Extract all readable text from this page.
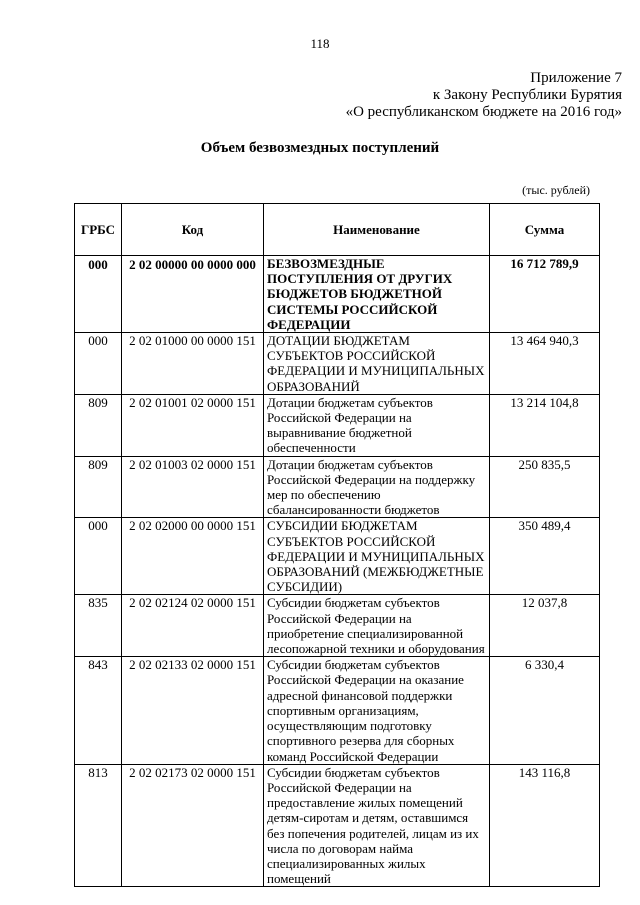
118
Приложение 7
к Закону Республики Бурятия
«О республиканском бюджете на 2016 год»
Объем безвозмездных поступлений
(тыс. рублей)
ГРБС	Код	Наименование	Сумма
000	2 02 00000 00 0000 000	БЕЗВОЗМЕЗДНЫЕ ПОСТУПЛЕНИЯ ОТ ДРУГИХ БЮДЖЕТОВ БЮДЖЕТНОЙ СИСТЕМЫ РОССИЙСКОЙ ФЕДЕРАЦИИ	16 712 789,9
000	2 02 01000 00 0000 151	ДОТАЦИИ БЮДЖЕТАМ СУБЪЕКТОВ РОССИЙСКОЙ ФЕДЕРАЦИИ И МУНИЦИПАЛЬНЫХ ОБРАЗОВАНИЙ	13 464 940,3
809	2 02 01001 02 0000 151	Дотации бюджетам субъектов Российской Федерации на выравнивание бюджетной обеспеченности	13 214 104,8
809	2 02 01003 02 0000 151	Дотации бюджетам субъектов Российской Федерации на поддержку мер по обеспечению сбалансированности бюджетов	250 835,5
000	2 02 02000 00 0000 151	СУБСИДИИ БЮДЖЕТАМ СУБЪЕКТОВ РОССИЙСКОЙ ФЕДЕРАЦИИ И МУНИЦИПАЛЬНЫХ ОБРАЗОВАНИЙ (МЕЖБЮДЖЕТНЫЕ СУБСИДИИ)	350 489,4
835	2 02 02124 02 0000 151	Субсидии бюджетам субъектов Российской Федерации на приобретение специализированной лесопожарной техники и оборудования	12 037,8
843	2 02 02133 02 0000 151	Субсидии бюджетам субъектов Российской Федерации на оказание адресной финансовой поддержки спортивным организациям, осуществляющим подготовку спортивного резерва для сборных команд Российской Федерации	6 330,4
813	2 02 02173 02 0000 151	Субсидии бюджетам субъектов Российской Федерации на предоставление жилых помещений детям-сиротам и детям, оставшимся без попечения родителей, лицам из их числа по договорам найма специализированных жилых помещений	143 116,8
